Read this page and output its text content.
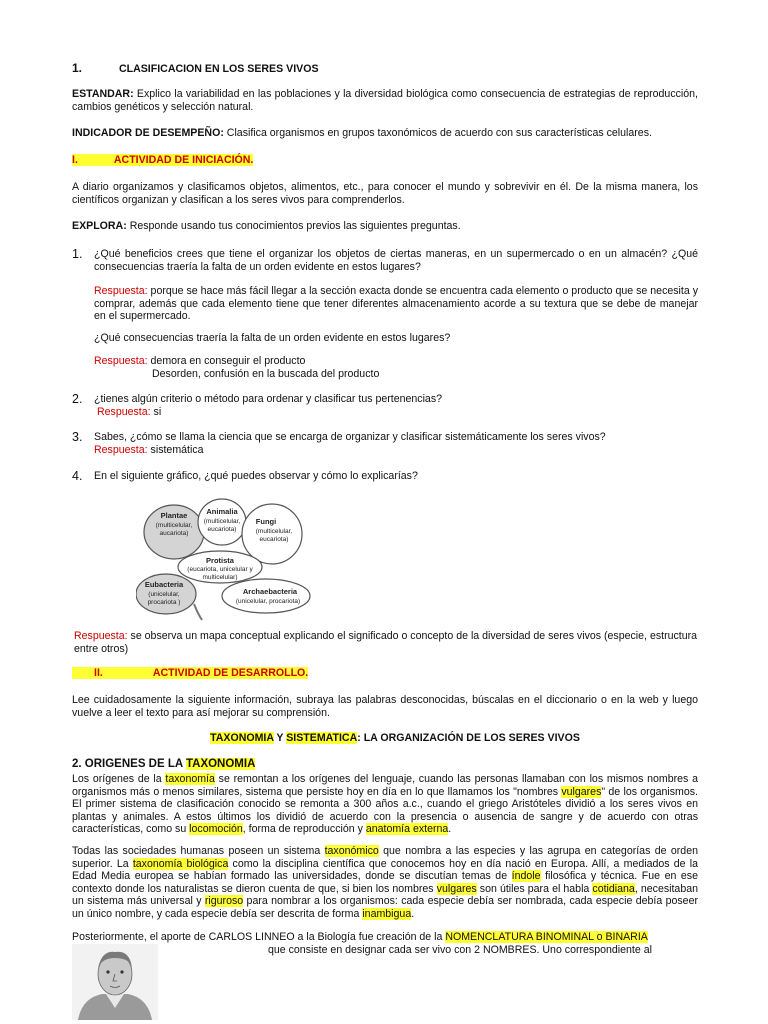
1.	CLASIFICACION EN LOS SERES VIVOS
ESTANDAR: Explico la variabilidad en las poblaciones y la diversidad biológica como consecuencia de estrategias de reproducción, cambios genéticos y selección natural.
INDICADOR DE DESEMPEÑO: Clasifica organismos en grupos taxonómicos de acuerdo con sus características celulares.
I.	ACTIVIDAD DE INICIACIÓN.
A diario organizamos y clasificamos objetos, alimentos, etc., para conocer el mundo y sobrevivir en él. De la misma manera, los científicos organizan y clasifican a los seres vivos para comprenderlos.
EXPLORA: Responde usando tus conocimientos previos las siguientes preguntas.
1.	¿Qué beneficios crees que tiene el organizar los objetos de ciertas maneras, en un supermercado o en un almacén? ¿Qué consecuencias traería la falta de un orden evidente en estos lugares?
Respuesta: porque se hace más fácil llegar a la sección exacta donde se encuentra cada elemento o producto que se necesita y comprar, además que cada elemento tiene que tener diferentes almacenamiento acorde a su textura que se debe de manejar en el supermercado.
¿Qué consecuencias traería la falta de un orden evidente en estos lugares?
Respuesta: demora en conseguir el producto
Desorden, confusión en la buscada del producto
2.	¿tienes algún criterio o método para ordenar y clasificar tus pertenencias?
Respuesta: si
3.	Sabes, ¿cómo se llama la ciencia que se encarga de organizar y clasificar sistemáticamente los seres vivos?
Respuesta: sistemática
4.	En el siguiente gráfico, ¿qué puedes observar y cómo lo explicarías?
Plantae
(multicelular,
aucariota)
Animalia
(multicelular,
eucariota)
Fungi
(multicelular,
eucariota)
Protista
(eucariota, unicelular y
multicelular)
Eubacteria
(unicelular,
procariota )
Archaebacteria
(unicelular, procariota)
Respuesta: se observa un mapa conceptual explicando el significado o concepto de la diversidad de seres vivos (especie, estructura entre otros)
II.	ACTIVIDAD DE DESARROLLO.
Lee cuidadosamente la siguiente información, subraya las palabras desconocidas, búscalas en el diccionario o en la web y luego vuelve a leer el texto para así mejorar su comprensión.
TAXONOMIA Y SISTEMATICA: LA ORGANIZACIÓN DE LOS SERES VIVOS
2. ORIGENES DE LA TAXONOMIA
Los orígenes de la taxonomía se remontan a los orígenes del lenguaje, cuando las personas llamaban con los mismos nombres a organismos más o menos similares, sistema que persiste hoy en día en lo que llamamos los "nombres vulgares" de los organismos. El primer sistema de clasificación conocido se remonta a 300 años a.c., cuando el griego Aristóteles dividió a los seres vivos en plantas y animales. A estos últimos los dividió de acuerdo con la presencia o ausencia de sangre y de acuerdo con otras características, como su locomoción, forma de reproducción y anatomía externa.
Todas las sociedades humanas poseen un sistema taxonómico que nombra a las especies y las agrupa en categorías de orden superior. La taxonomía biológica como la disciplina científica que conocemos hoy en día nació en Europa. Allí, a mediados de la Edad Media europea se habían formado las universidades, donde se discutían temas de índole filosófica y técnica. Fue en ese contexto donde los naturalistas se dieron cuenta de que, si bien los nombres vulgares son útiles para el habla cotidiana, necesitaban un sistema más universal y riguroso para nombrar a los organismos: cada especie debía ser nombrada, cada especie debía poseer un único nombre, y cada especie debía ser descrita de forma inambigua.
Posteriormente, el aporte de CARLOS LINNEO a la Biología fue creación de la NOMENCLATURA BINOMINAL o BINARIA
que consiste en designar cada ser vivo con 2 NOMBRES. Uno correspondiente al
